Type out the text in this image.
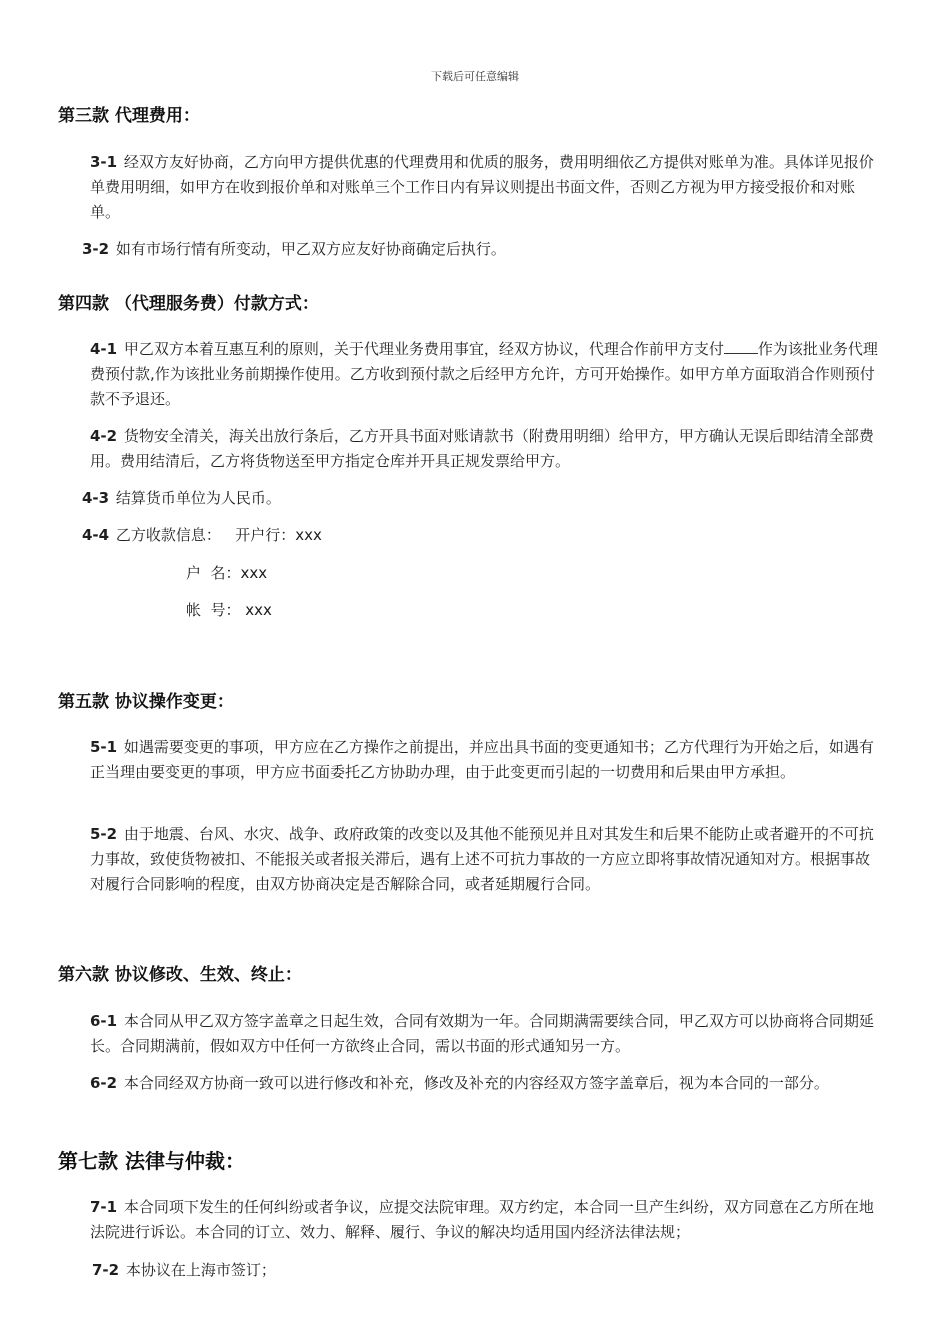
下载后可任意编辑
第三款 代理费用：
3-1 经双方友好协商，乙方向甲方提供优惠的代理费用和优质的服务，费用明细依乙方提供对账单为准。具体详见报价单费用明细，如甲方在收到报价单和对账单三个工作日内有异议则提出书面文件，否则乙方视为甲方接受报价和对账单。
3-2 如有市场行情有所变动，甲乙双方应友好协商确定后执行。
第四款 （代理服务费）付款方式：
4-1 甲乙双方本着互惠互利的原则，关于代理业务费用事宜，经双方协议，代理合作前甲方支付 作为该批业务代理费预付款,作为该批业务前期操作使用。乙方收到预付款之后经甲方允许，方可开始操作。如甲方单方面取消合作则预付款不予退还。
4-2 货物安全清关，海关出放行条后，乙方开具书面对账请款书（附费用明细）给甲方，甲方确认无误后即结清全部费用。费用结清后，乙方将货物送至甲方指定仓库并开具正规发票给甲方。
4-3 结算货币单位为人民币。
4-4 乙方收款信息：   开户行：xxx
户  名：xxx
帐  号： xxx
第五款 协议操作变更：
5-1 如遇需要变更的事项，甲方应在乙方操作之前提出，并应出具书面的变更通知书；乙方代理行为开始之后，如遇有正当理由要变更的事项，甲方应书面委托乙方协助办理，由于此变更而引起的一切费用和后果由甲方承担。
5-2 由于地震、台风、水灾、战争、政府政策的改变以及其他不能预见并且对其发生和后果不能防止或者避开的不可抗力事故，致使货物被扣、不能报关或者报关滞后，遇有上述不可抗力事故的一方应立即将事故情况通知对方。根据事故对履行合同影响的程度，由双方协商决定是否解除合同，或者延期履行合同。
第六款 协议修改、生效、终止：
6-1 本合同从甲乙双方签字盖章之日起生效，合同有效期为一年。合同期满需要续合同，甲乙双方可以协商将合同期延长。合同期满前，假如双方中任何一方欲终止合同，需以书面的形式通知另一方。
6-2 本合同经双方协商一致可以进行修改和补充，修改及补充的内容经双方签字盖章后，视为本合同的一部分。
第七款 法律与仲裁：
7-1 本合同项下发生的任何纠纷或者争议，应提交法院审理。双方约定，本合同一旦产生纠纷，双方同意在乙方所在地法院进行诉讼。本合同的订立、效力、解释、履行、争议的解决均适用国内经济法律法规；
7-2 本协议在上海市签订；
